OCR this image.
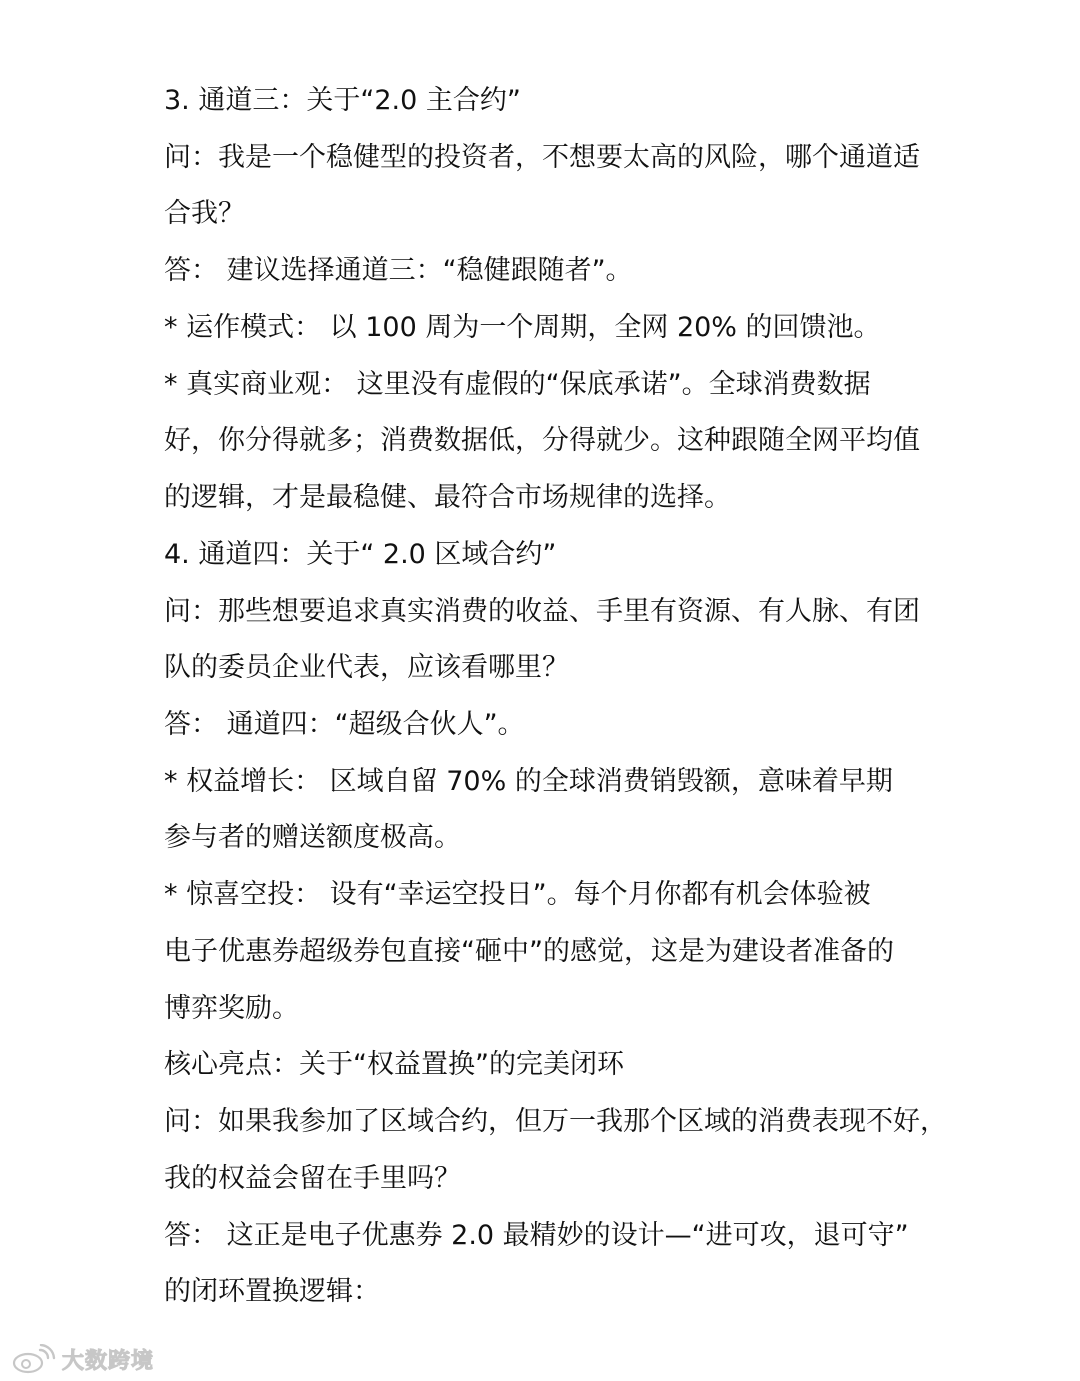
3. 通道三：关于“2.0 主合约”
问：我是一个稳健型的投资者，不想要太高的风险，哪个通道适
合我？
答： 建议选择通道三：“稳健跟随者”。
* 运作模式： 以 100 周为一个周期，全网 20% 的回馈池。
* 真实商业观： 这里没有虚假的“保底承诺”。全球消费数据
好，你分得就多；消费数据低，分得就少。这种跟随全网平均值
的逻辑，才是最稳健、最符合市场规律的选择。
4. 通道四：关于“ 2.0 区域合约”
问：那些想要追求真实消费的收益、手里有资源、有人脉、有团
队的委员企业代表，应该看哪里？
答： 通道四：“超级合伙人”。
* 权益增长： 区域自留 70% 的全球消费销毁额，意味着早期
参与者的赠送额度极高。
* 惊喜空投： 设有“幸运空投日”。每个月你都有机会体验被
电子优惠券超级券包直接“砸中”的感觉，这是为建设者准备的
博弈奖励。
核心亮点：关于“权益置换”的完美闭环
问：如果我参加了区域合约，但万一我那个区域的消费表现不好，
我的权益会留在手里吗？
答： 这正是电子优惠券 2.0 最精妙的设计—“进可攻，退可守”
的闭环置换逻辑：
大数跨境
